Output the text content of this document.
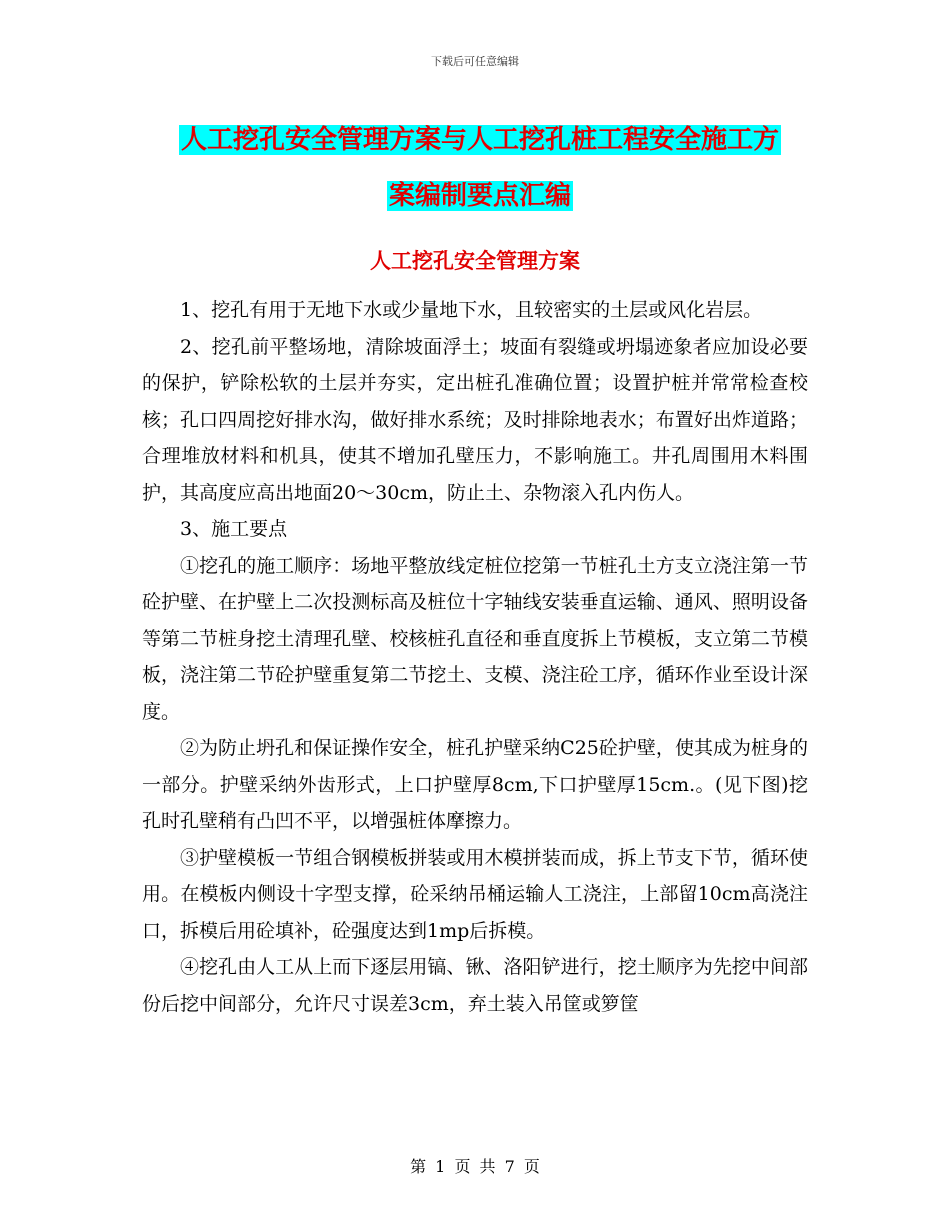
下载后可任意编辑
人工挖孔安全管理方案与人工挖孔桩工程安全施工方
案编制要点汇编
人工挖孔安全管理方案

1、挖孔有用于无地下水或少量地下水，且较密实的土层或风化岩层。

2、挖孔前平整场地，清除坡面浮土；坡面有裂缝或坍塌迹象者应加设必要的保护，铲除松软的土层并夯实，定出桩孔准确位置；设置护桩并常常检查校核；孔口四周挖好排水沟，做好排水系统；及时排除地表水；布置好出炸道路；合理堆放材料和机具，使其不增加孔壁压力，不影响施工。井孔周围用木料围护，其高度应高出地面20～30cm，防止土、杂物滚入孔内伤人。

3、施工要点

①挖孔的施工顺序：场地平整放线定桩位挖第一节桩孔土方支立浇注第一节砼护壁、在护壁上二次投测标高及桩位十字轴线安装垂直运输、通风、照明设备等第二节桩身挖土清理孔壁、校核桩孔直径和垂直度拆上节模板，支立第二节模板，浇注第二节砼护壁重复第二节挖土、支模、浇注砼工序，循环作业至设计深度。

②为防止坍孔和保证操作安全，桩孔护壁采纳C25砼护壁，使其成为桩身的一部分。护壁采纳外齿形式，上口护壁厚8cm,下口护壁厚15cm.。(见下图)挖孔时孔壁稍有凸凹不平，以增强桩体摩擦力。

③护壁模板一节组合钢模板拼装或用木模拼装而成，拆上节支下节，循环使用。在模板内侧设十字型支撑，砼采纳吊桶运输人工浇注，上部留10cm高浇注口，拆模后用砼填补，砼强度达到1mp后拆模。

④挖孔由人工从上而下逐层用镐、锹、洛阳铲进行，挖土顺序为先挖中间部份后挖中间部分，允许尺寸误差3cm，弃土装入吊筐或箩筐

第 1 页 共 7 页
